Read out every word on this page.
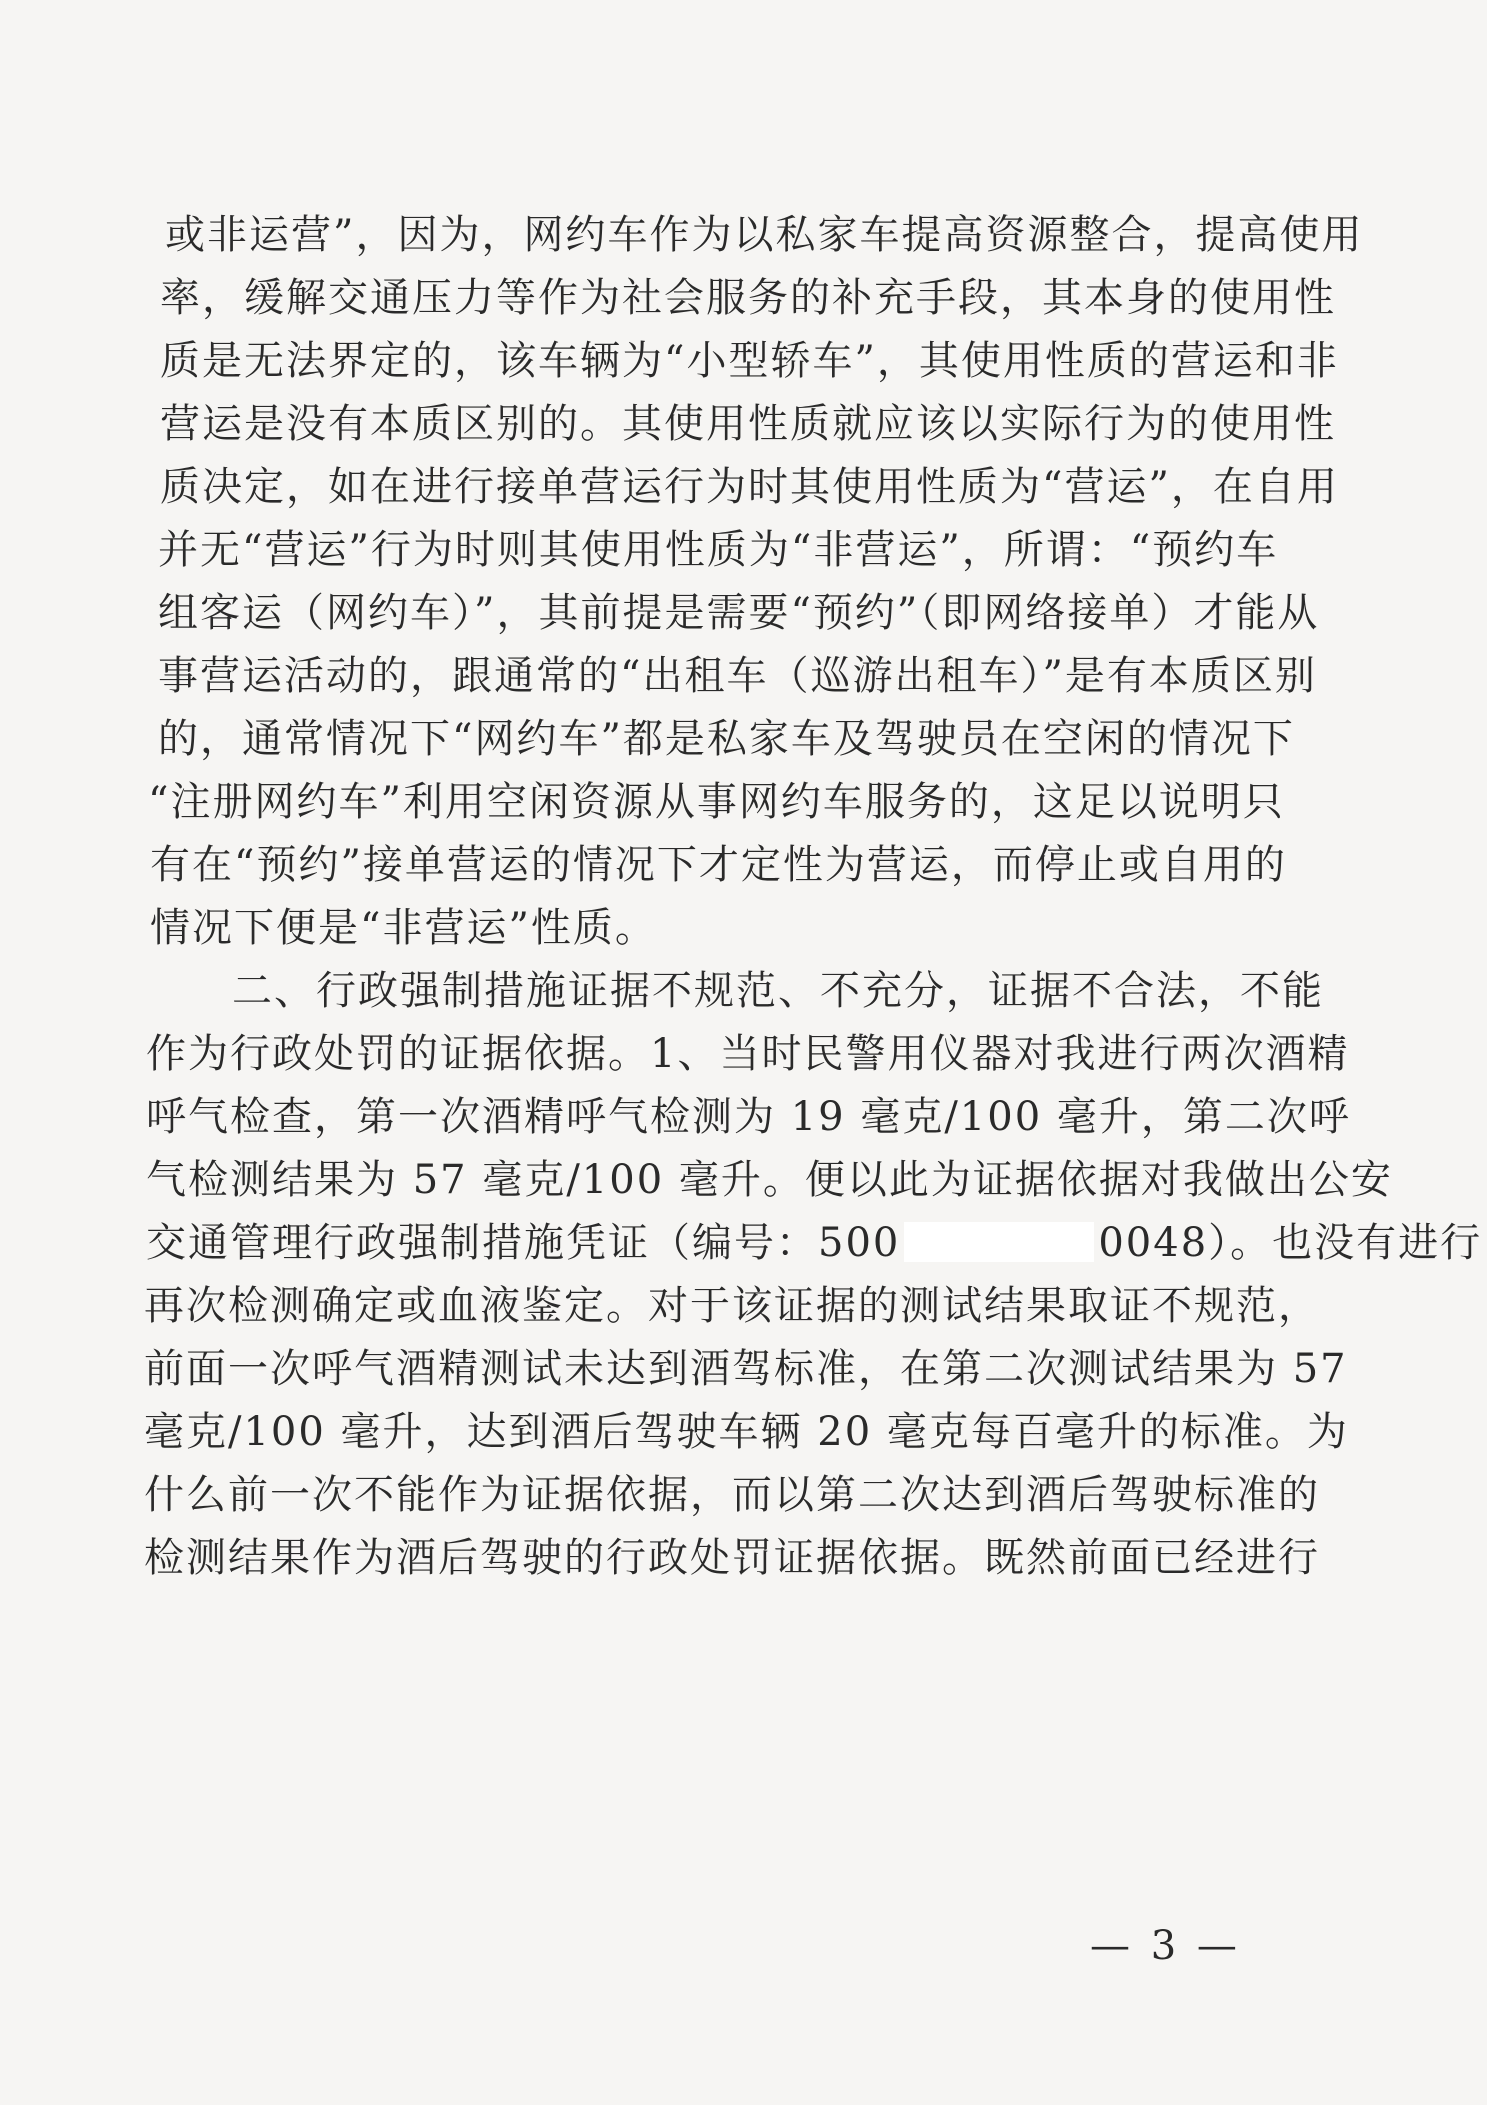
或非运营”，因为，网约车作为以私家车提高资源整合，提高使用
率，缓解交通压力等作为社会服务的补充手段，其本身的使用性
质是无法界定的，该车辆为“小型轿车”，其使用性质的营运和非
营运是没有本质区别的。其使用性质就应该以实际行为的使用性
质决定，如在进行接单营运行为时其使用性质为“营运”，在自用
并无“营运”行为时则其使用性质为“非营运”，所谓：“预约车
组客运（网约车）”，其前提是需要“预约”（即网络接单）才能从
事营运活动的，跟通常的“出租车（巡游出租车）”是有本质区别
的，通常情况下“网约车”都是私家车及驾驶员在空闲的情况下
“注册网约车”利用空闲资源从事网约车服务的，这足以说明只
有在“预约”接单营运的情况下才定性为营运，而停止或自用的
情况下便是“非营运”性质。
二、行政强制措施证据不规范、不充分，证据不合法，不能
作为行政处罚的证据依据。1、当时民警用仪器对我进行两次酒精
呼气检查，第一次酒精呼气检测为 19 毫克/100 毫升，第二次呼
气检测结果为 57 毫克/100 毫升。便以此为证据依据对我做出公安
交通管理行政强制措施凭证（编号：500	0048）。也没有进行
再次检测确定或血液鉴定。对于该证据的测试结果取证不规范，
前面一次呼气酒精测试未达到酒驾标准，在第二次测试结果为 57
毫克/100 毫升，达到酒后驾驶车辆 20 毫克每百毫升的标准。为
什么前一次不能作为证据依据，而以第二次达到酒后驾驶标准的
检测结果作为酒后驾驶的行政处罚证据依据。既然前面已经进行
— 3 —
